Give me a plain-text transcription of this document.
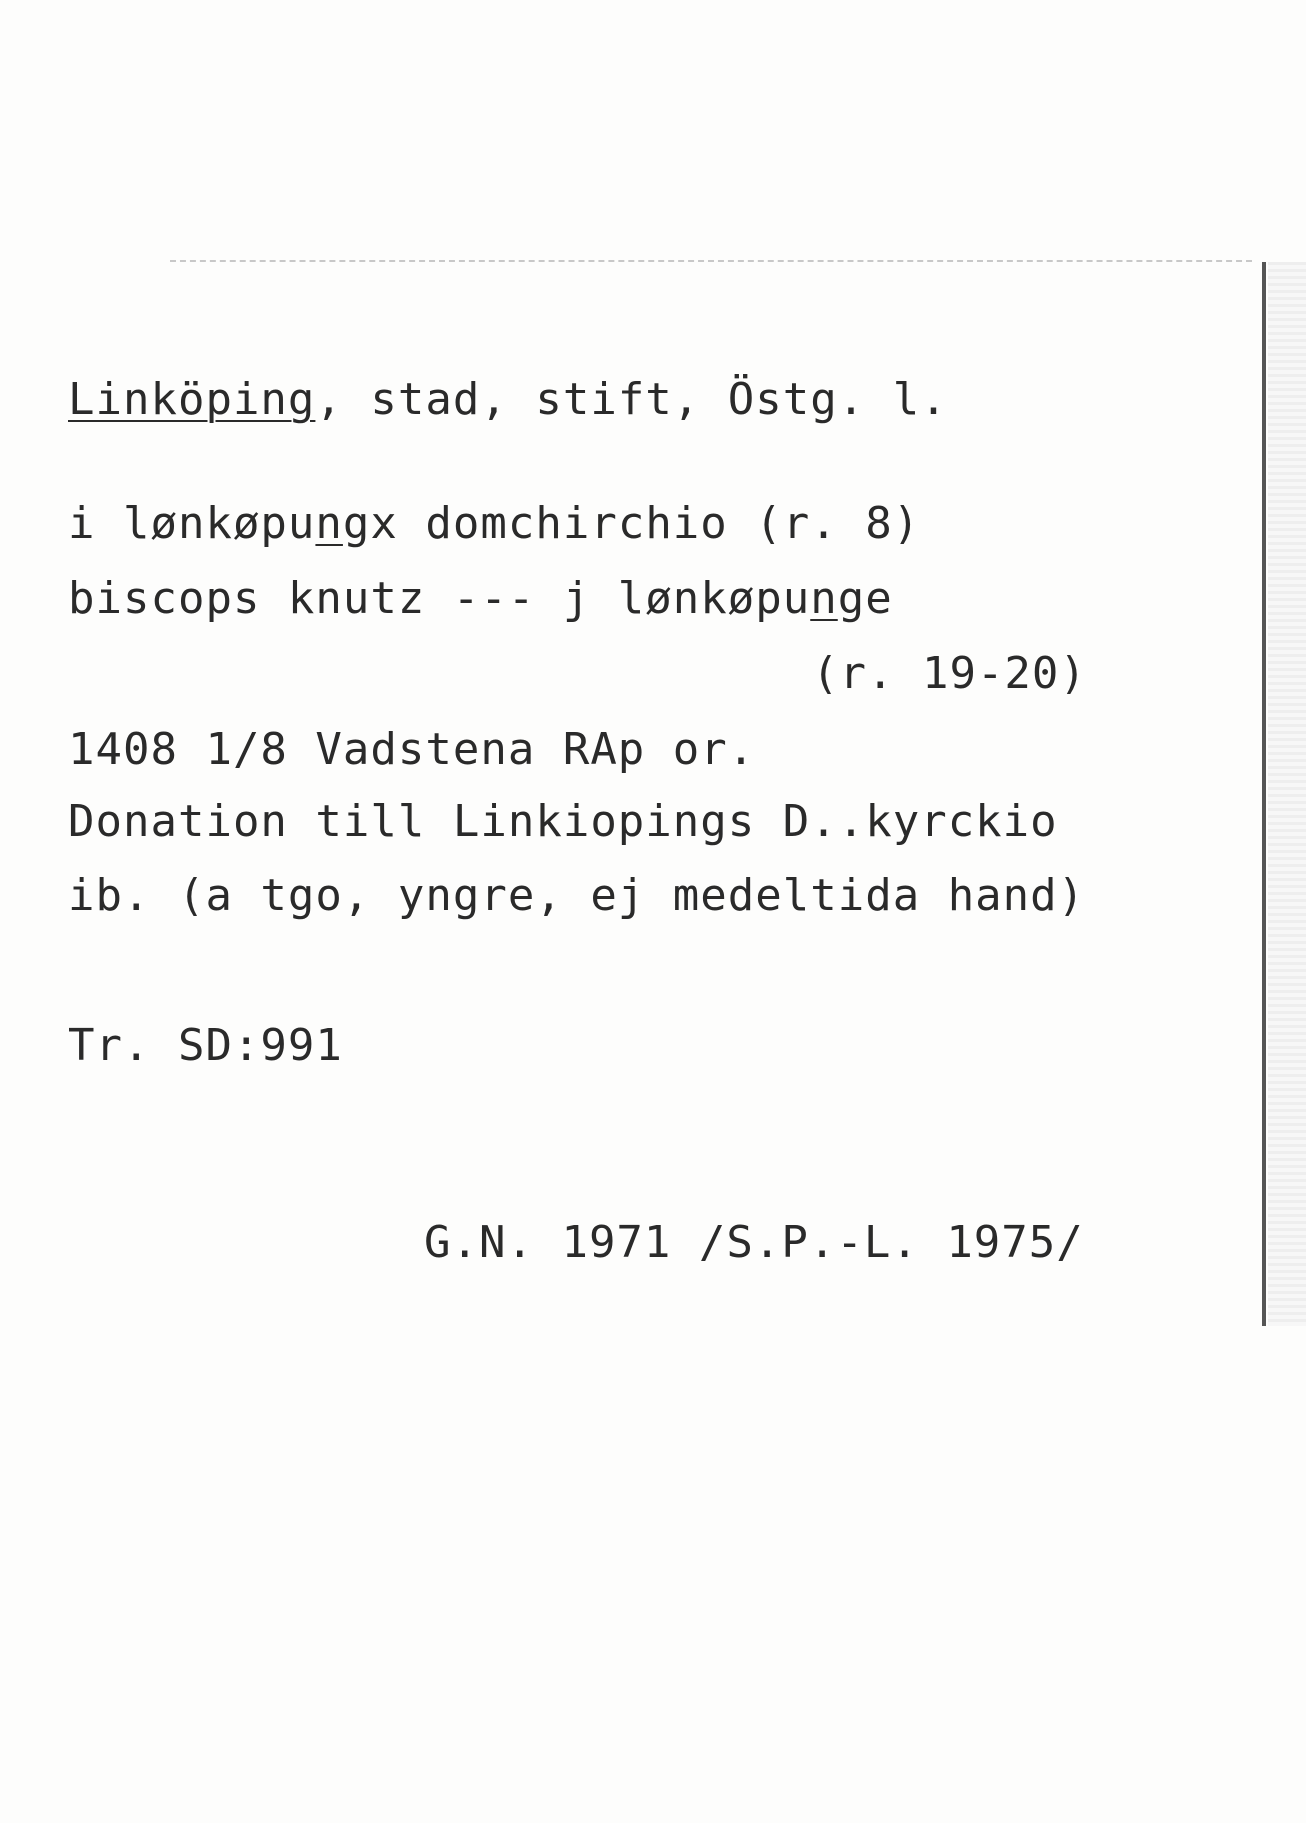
Linköping, stad, stift, Östg. l.

i lønkøpungx domchirchio (r. 8)

biscops knutz --- j lønkøpunge

(r. 19-20)

1408 1/8 Vadstena RAp or.

Donation till Linkiopings D..kyrckio

ib. (a tgo, yngre, ej medeltida hand)

Tr. SD:991

G.N. 1971 /S.P.-L. 1975/
